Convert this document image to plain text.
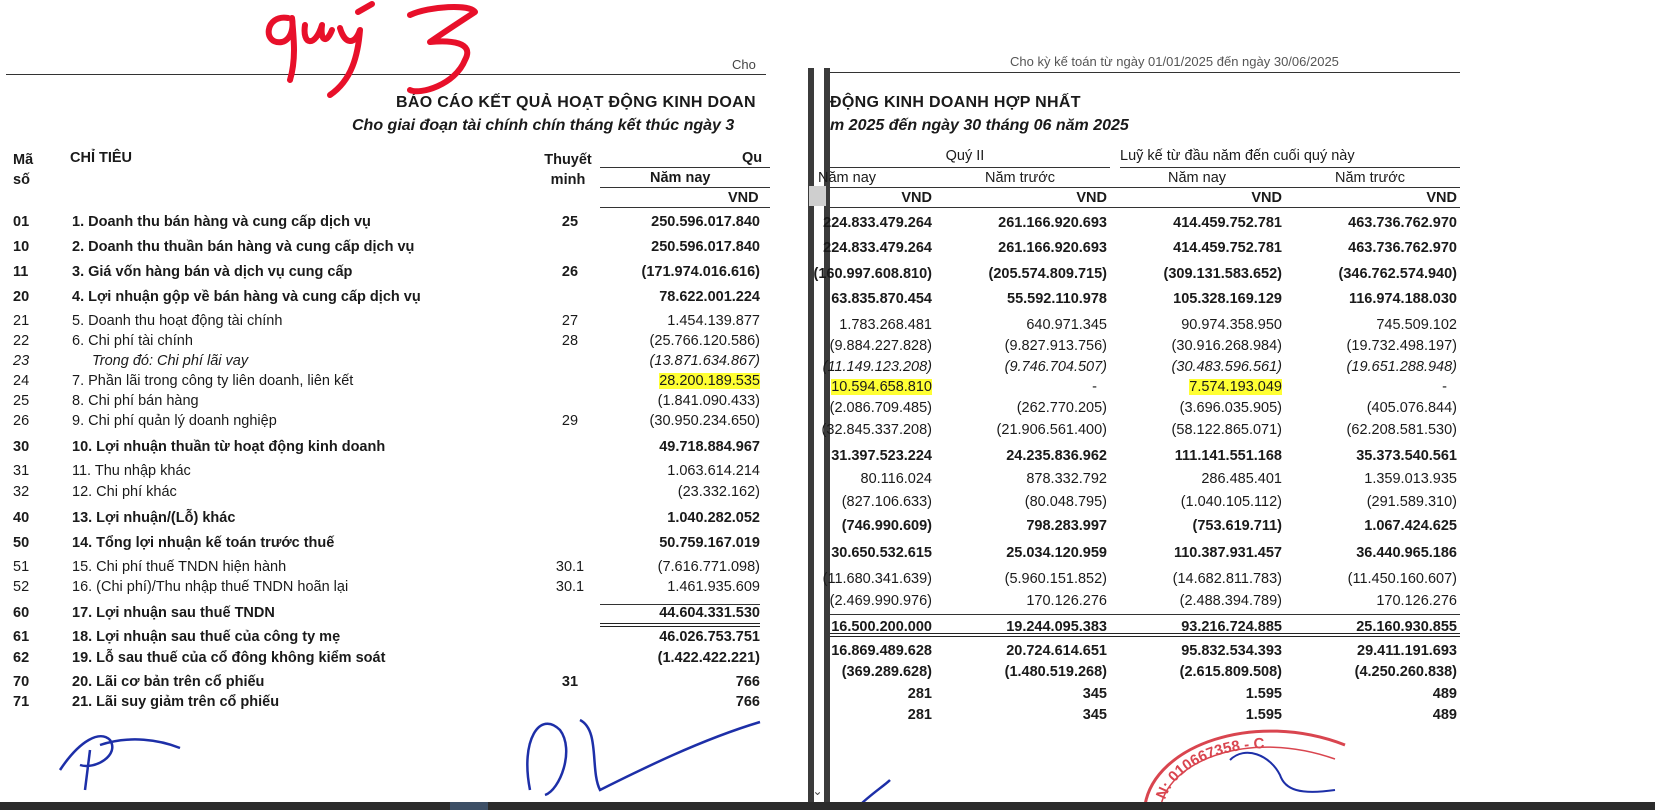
Cho
BÁO CÁO KẾT QUẢ HOẠT ĐỘNG KINH DOAN
Cho giai đoạn tài chính chín tháng kết thúc ngày 3
Mã
số
CHỈ TIÊU	Thuyết
minh
Qu
Năm nay
VND
01	1. Doanh thu bán hàng và cung cấp dịch vụ	25	250.596.017.840
10	2. Doanh thu thuần bán hàng và cung cấp dịch vụ	250.596.017.840
11	3. Giá vốn hàng bán và dịch vụ cung cấp	26	(171.974.016.616)
20	4. Lợi nhuận gộp về bán hàng và cung cấp dịch vụ	78.622.001.224
21	5. Doanh thu hoạt động tài chính	27	1.454.139.877
22	6. Chi phí tài chính	28	(25.766.120.586)
23	Trong đó: Chi phí lãi vay	(13.871.634.867)
24	7. Phần lãi trong công ty liên doanh, liên kết	28.200.189.535
25	8. Chi phí bán hàng	(1.841.090.433)
26	9. Chi phí quản lý doanh nghiệp	29	(30.950.234.650)
30	10. Lợi nhuận thuần từ hoạt động kinh doanh	49.718.884.967
31	11. Thu nhập khác	1.063.614.214
32	12. Chi phí khác	(23.332.162)
40	13. Lợi nhuận/(Lỗ) khác	1.040.282.052
50	14. Tổng lợi nhuận kế toán trước thuế	50.759.167.019
51	15. Chi phí thuế TNDN hiện hành	30.1	(7.616.771.098)
52	16. (Chi phí)/Thu nhập thuế TNDN hoãn lại	30.1	1.461.935.609
60	17. Lợi nhuận sau thuế TNDN	44.604.331.530
61	18. Lợi nhuận sau thuế của công ty mẹ	46.026.753.751
62	19. Lỗ sau thuế của cổ đông không kiểm soát	(1.422.422.221)
70	20. Lãi cơ bản trên cổ phiếu	31	766
71	21. Lãi suy giảm trên cổ phiếu	766
⌄
Cho kỳ kế toán từ ngày 01/01/2025 đến ngày 30/06/2025
ĐỘNG KINH DOANH HỢP NHẤT
m 2025 đến ngày 30 tháng 06 năm 2025
Quý II	Luỹ kế từ đầu năm đến cuối quý này
Năm nay	Năm trước	Năm nay	Năm trước
VND	VND	VND	VND
224.833.479.264	261.166.920.693	414.459.752.781	463.736.762.970
224.833.479.264	261.166.920.693	414.459.752.781	463.736.762.970
(160.997.608.810)	(205.574.809.715)	(309.131.583.652)	(346.762.574.940)
63.835.870.454	55.592.110.978	105.328.169.129	116.974.188.030
1.783.268.481	640.971.345	90.974.358.950	745.509.102
(9.884.227.828)	(9.827.913.756)	(30.916.268.984)	(19.732.498.197)
(11.149.123.208)	(9.746.704.507)	(30.483.596.561)	(19.651.288.948)
10.594.658.810	-	7.574.193.049	-
(2.086.709.485)	(262.770.205)	(3.696.035.905)	(405.076.844)
(32.845.337.208)	(21.906.561.400)	(58.122.865.071)	(62.208.581.530)
31.397.523.224	24.235.836.962	111.141.551.168	35.373.540.561
80.116.024	878.332.792	286.485.401	1.359.013.935
(827.106.633)	(80.048.795)	(1.040.105.112)	(291.589.310)
(746.990.609)	798.283.997	(753.619.711)	1.067.424.625
30.650.532.615	25.034.120.959	110.387.931.457	36.440.965.186
(11.680.341.639)	(5.960.151.852)	(14.682.811.783)	(11.450.160.607)
(2.469.990.976)	170.126.276	(2.488.394.789)	170.126.276
16.500.200.000	19.244.095.383	93.216.724.885	25.160.930.855
16.869.489.628	20.724.614.651	95.832.534.393	29.411.191.693
(369.289.628)	(1.480.519.268)	(2.615.809.508)	(4.250.260.838)
281	345	1.595	489
281	345	1.595	489
N: 010667358 - C
